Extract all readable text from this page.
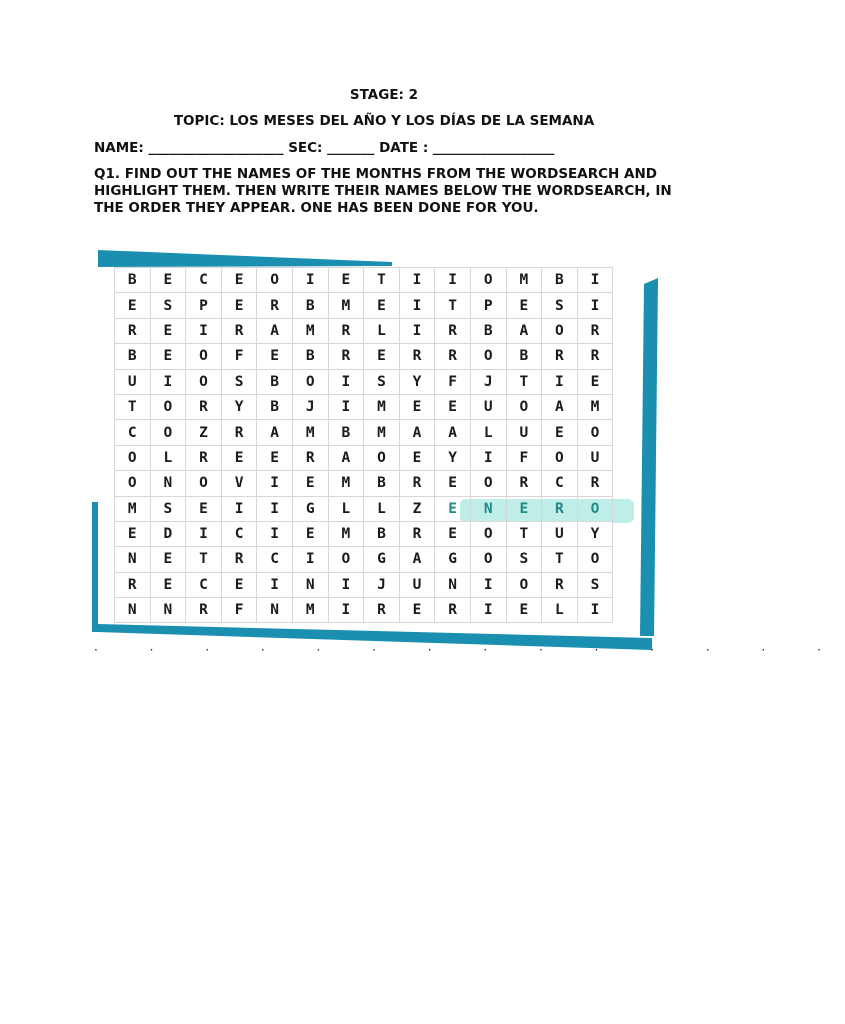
STAGE: 2
TOPIC: LOS MESES DEL AÑO Y LOS DÍAS DE LA SEMANA
NAME: ____________________ SEC: _______ DATE : __________________
Q1. FIND OUT THE NAMES OF THE MONTHS FROM THE WORDSEARCH AND HIGHLIGHT THEM. THEN WRITE THEIR NAMES BELOW THE WORDSEARCH, IN THE ORDER THEY APPEAR. ONE HAS BEEN DONE FOR YOU.
B	E	C	E	O	I	E	T	I	I	O	M	B	I
E	S	P	E	R	B	M	E	I	T	P	E	S	I
R	E	I	R	A	M	R	L	I	R	B	A	O	R
B	E	O	F	E	B	R	E	R	R	O	B	R	R
U	I	O	S	B	O	I	S	Y	F	J	T	I	E
T	O	R	Y	B	J	I	M	E	E	U	O	A	M
C	O	Z	R	A	M	B	M	A	A	L	U	E	O
O	L	R	E	E	R	A	O	E	Y	I	F	O	U
O	N	O	V	I	E	M	B	R	E	O	R	C	R
M	S	E	I	I	G	L	L	Z	E	N	E	R	O
E	D	I	C	I	E	M	B	R	E	O	T	U	Y
N	E	T	R	C	I	O	G	A	G	O	S	T	O
R	E	C	E	I	N	I	J	U	N	I	O	R	S
N	N	R	F	N	M	I	R	E	R	I	E	L	I
· · · · · · · · · · · · · ·
